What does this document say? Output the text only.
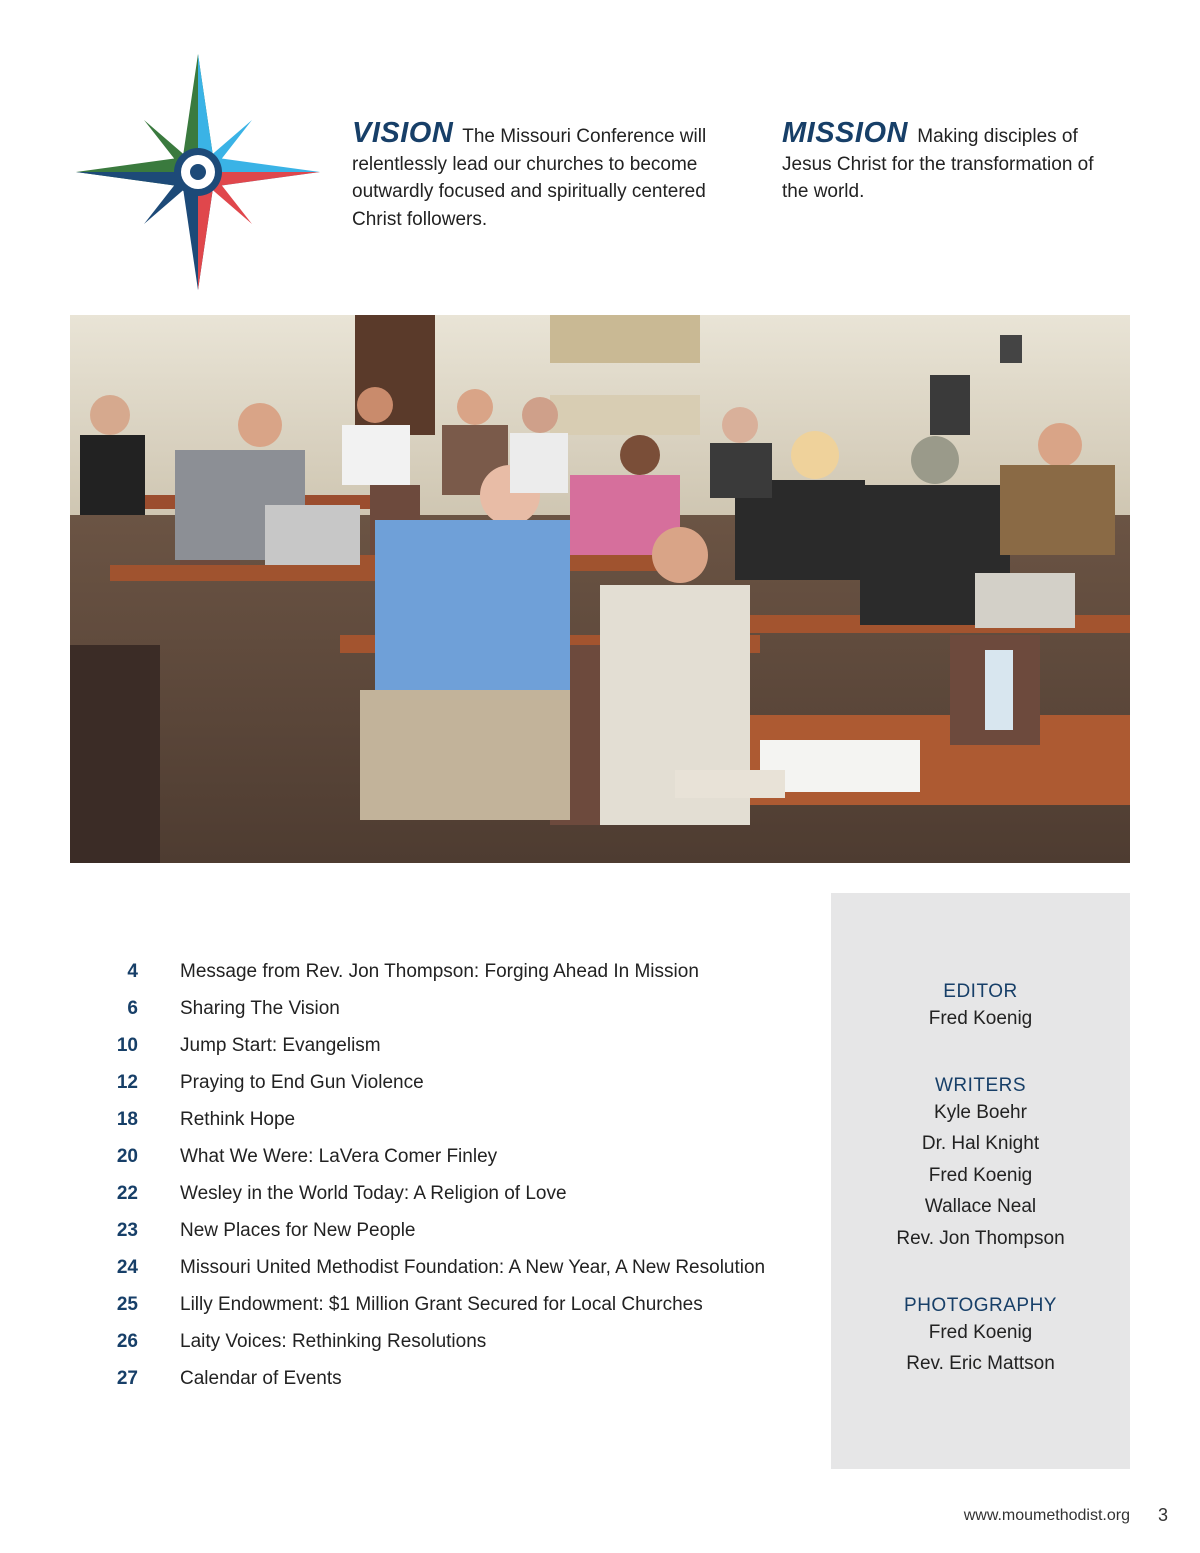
VISION The Missouri Conference will relentlessly lead our churches to become outwardly focused and spiritually centered Christ followers.
MISSION Making disciples of Jesus Christ for the transformation of the world.
4 Message from Rev. Jon Thompson: Forging Ahead In Mission
6 Sharing The Vision
10 Jump Start: Evangelism
12 Praying to End Gun Violence
18 Rethink Hope
20 What We Were: LaVera Comer Finley
22 Wesley in the World Today: A Religion of Love
23 New Places for New People
24 Missouri United Methodist Foundation: A New Year, A New Resolution
25 Lilly Endowment: $1 Million Grant Secured for Local Churches
26 Laity Voices: Rethinking Resolutions
27 Calendar of Events
EDITOR
Fred Koenig
WRITERS
Kyle Boehr
Dr. Hal Knight
Fred Koenig
Wallace Neal
Rev. Jon Thompson
PHOTOGRAPHY
Fred Koenig
Rev. Eric Mattson
www.moumethodist.org 3
